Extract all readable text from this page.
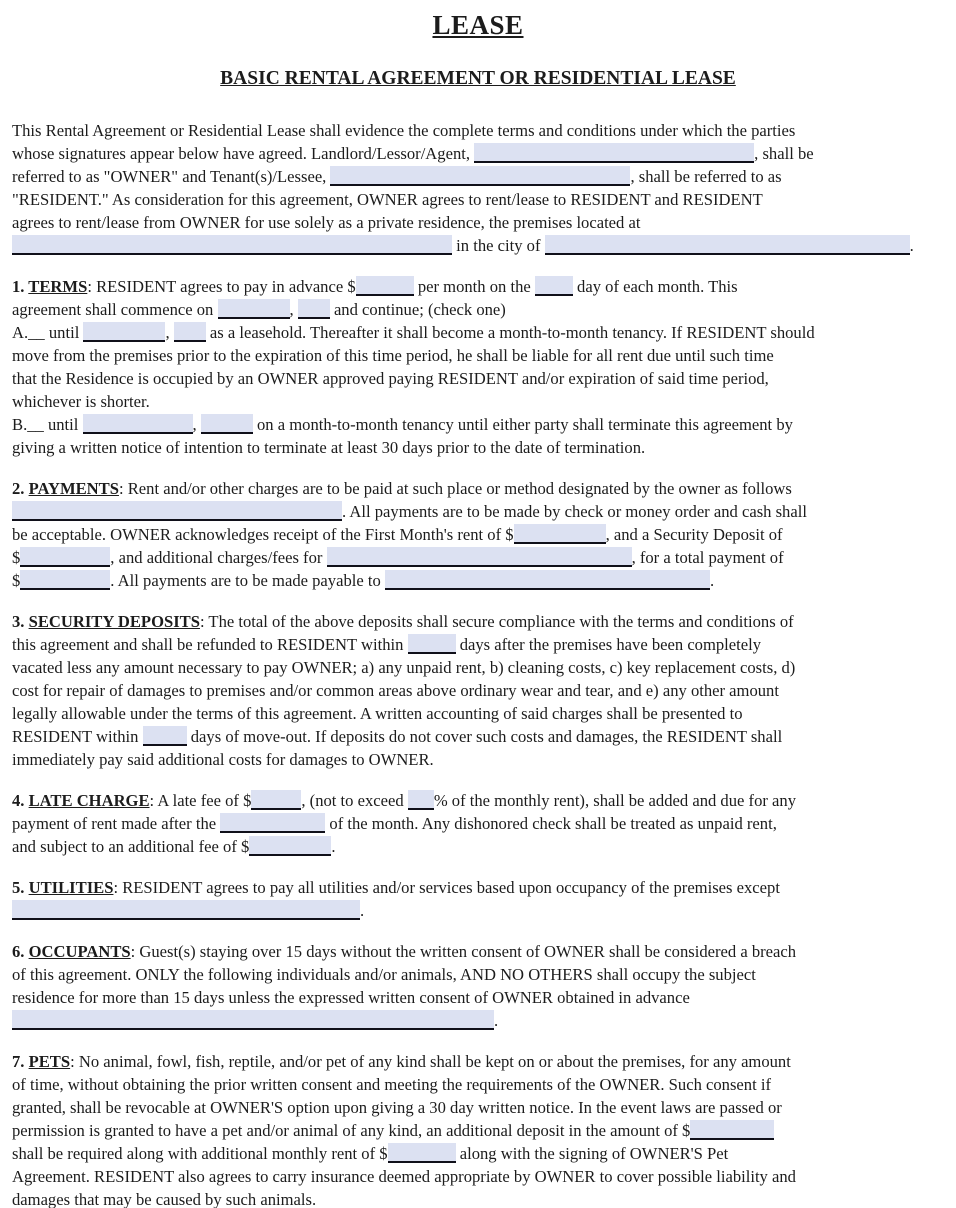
LEASE
BASIC RENTAL AGREEMENT OR RESIDENTIAL LEASE
This Rental Agreement or Residential Lease shall evidence the complete terms and conditions under which the parties
whose signatures appear below have agreed. Landlord/Lessor/Agent,	, shall be
referred to as "OWNER" and Tenant(s)/Lessee,	, shall be referred to as
"RESIDENT." As consideration for this agreement, OWNER agrees to rent/lease to RESIDENT and RESIDENT
agrees to rent/lease from OWNER for use solely as a private residence, the premises located at
in the city of	.
1. TERMS: RESIDENT agrees to pay in advance $	per month on the  day of each month. This
agreement shall commence on	,  and continue; (check one)
A.__ until	,  as a leasehold. Thereafter it shall become a month-to-month tenancy. If RESIDENT should
move from the premises prior to the expiration of this time period, he shall be liable for all rent due until such time
that the Residence is occupied by an OWNER approved paying RESIDENT and/or expiration of said time period,
whichever is shorter.
B.__ until	,	on a month-to-month tenancy until either party shall terminate this agreement by
giving a written notice of intention to terminate at least 30 days prior to the date of termination.
2. PAYMENTS: Rent and/or other charges are to be paid at such place or method designated by the owner as follows
. All payments are to be made by check or money order and cash shall
be acceptable. OWNER acknowledges receipt of the First Month's rent of $	, and a Security Deposit of
$	, and additional charges/fees for	, for a total payment of
$	. All payments are to be made payable to	.
3. SECURITY DEPOSITS: The total of the above deposits shall secure compliance with the terms and conditions of
this agreement and shall be refunded to RESIDENT within	days after the premises have been completely
vacated less any amount necessary to pay OWNER; a) any unpaid rent, b) cleaning costs, c) key replacement costs, d)
cost for repair of damages to premises and/or common areas above ordinary wear and tear, and e) any other amount
legally allowable under the terms of this agreement. A written accounting of said charges shall be presented to
RESIDENT within	days of move-out. If deposits do not cover such costs and damages, the RESIDENT shall
immediately pay said additional costs for damages to OWNER.
4. LATE CHARGE: A late fee of $	, (not to exceed % of the monthly rent), shall be added and due for any
payment of rent made after the	of the month. Any dishonored check shall be treated as unpaid rent,
and subject to an additional fee of $	.
5. UTILITIES: RESIDENT agrees to pay all utilities and/or services based upon occupancy of the premises except
.
6. OCCUPANTS: Guest(s) staying over 15 days without the written consent of OWNER shall be considered a breach
of this agreement. ONLY the following individuals and/or animals, AND NO OTHERS shall occupy the subject
residence for more than 15 days unless the expressed written consent of OWNER obtained in advance
.
7. PETS: No animal, fowl, fish, reptile, and/or pet of any kind shall be kept on or about the premises, for any amount
of time, without obtaining the prior written consent and meeting the requirements of the OWNER. Such consent if
granted, shall be revocable at OWNER'S option upon giving a 30 day written notice. In the event laws are passed or
permission is granted to have a pet and/or animal of any kind, an additional deposit in the amount of $
shall be required along with additional monthly rent of $	along with the signing of OWNER'S Pet
Agreement. RESIDENT also agrees to carry insurance deemed appropriate by OWNER to cover possible liability and
damages that may be caused by such animals.
